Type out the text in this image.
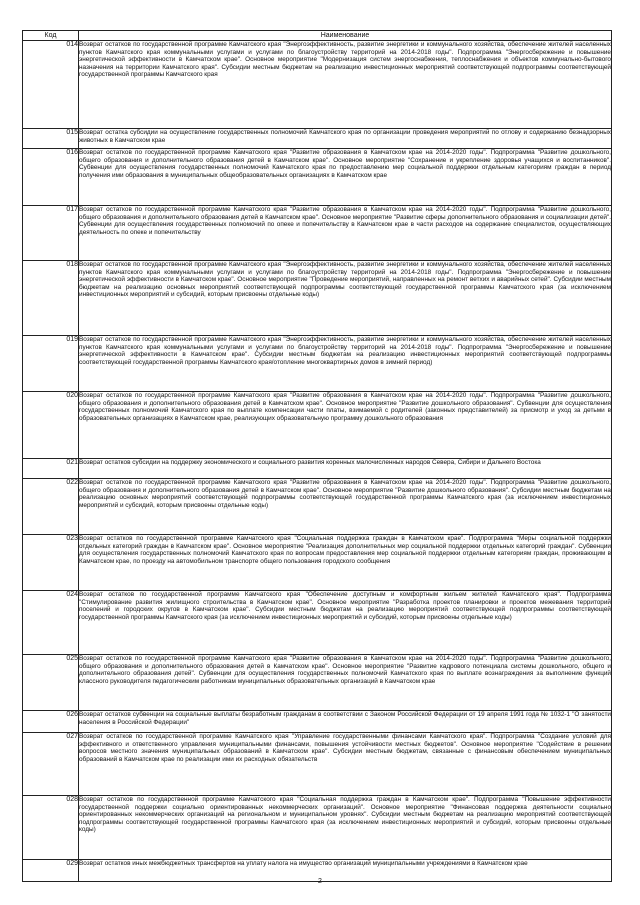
Код	Наименование
014	Возврат остатков по государственной программе Камчатского края "Энергоэффективность, развитие энергетики и коммунального хозяйства, обеспечение жителей населенных пунктов Камчатского края коммунальными услугами и услугами по благоустройству территорий на 2014-2018 годы". Подпрограмма "Энергосбережение и повышение энергетической эффективности в Камчатском крае". Основное мероприятие "Модернизация систем энергоснабжения, теплоснабжения и объектов коммунально-бытового назначения на территории Камчатского края". Субсидии местным бюджетам на реализацию инвестиционных мероприятий соответствующей подпрограммы соответствующей государственной программы Камчатского края
015	Возврат остатка субсидии на осуществление государственных полномочий Камчатского края по организации проведения мероприятий по отлову и содержанию безнадзорных животных в Камчатском крае
016	Возврат остатков по государственной программе Камчатского края "Развитие образования в Камчатском крае на 2014-2020 годы". Подпрограмма "Развитие дошкольного, общего образования и дополнительного образования детей в Камчатском крае". Основное мероприятие "Сохранение и укрепление здоровья учащихся и воспитанников". Субвенции для осуществления государственных полномочий Камчатского края по предоставлению мер социальной поддержки отдельным категориям граждан в период получения ими образования в муниципальных общеобразовательных организациях в Камчатском крае
017	Возврат остатков по государственной программе Камчатского края "Развитие образования в Камчатском крае на 2014-2020 годы". Подпрограмма "Развитие дошкольного, общего образования и дополнительного образования детей в Камчатском крае". Основное мероприятие "Развитие сферы дополнительного образования и социализации детей". Субвенции для осуществления государственных полномочий по опеке и попечительству в Камчатском крае в части расходов на содержание специалистов, осуществляющих деятельность по опеке и попечительству
018	Возврат остатков по государственной программе Камчатского края "Энергоэффективность, развитие энергетики и коммунального хозяйства, обеспечение жителей населенных пунктов Камчатского края коммунальными услугами и услугами по благоустройству территорий на 2014-2018 годы". Подпрограмма "Энергосбережение и повышение энергетической эффективности в Камчатском крае". Основное мероприятие "Проведение мероприятий, направленных на ремонт ветхих и аварийных сетей". Субсидии местным бюджетам на реализацию основных мероприятий соответствующей подпрограммы соответствующей государственной программы Камчатского края (за исключением инвестиционных мероприятий и субсидий, которым присвоены отдельные коды)
019	Возврат остатков по государственной программе Камчатского края "Энергоэффективность, развитие энергетики и коммунального хозяйства, обеспечение жителей населенных пунктов Камчатского края коммунальными услугами и услугами по благоустройству территорий на 2014-2018 годы". Подпрограмма "Энергосбережение и повышение энергетической эффективности в Камчатском крае". Субсидии местным бюджетам на реализацию инвестиционных мероприятий соответствующей подпрограммы соответствующей государственной программы Камчатского края/отопление многоквартирных домов в зимний период)
020	Возврат остатков по государственной программе Камчатского края "Развитие образования в Камчатском крае на 2014-2020 годы". Подпрограмма "Развитие дошкольного, общего образования и дополнительного образования детей в Камчатском крае". Основное мероприятие "Развитие дошкольного образования". Субвенции для осуществления государственных полномочий Камчатского края по выплате компенсации части платы, взимаемой с родителей (законных представителей) за присмотр и уход за детьми в образовательных организациях в Камчатском крае, реализующих образовательную программу дошкольного образования
021	Возврат остатков субсидии на поддержку экономического и социального развития коренных малочисленных народов Севера, Сибири и Дальнего Востока
022	Возврат остатков по государственной программе Камчатского края "Развитие образования в Камчатском крае на 2014-2020 годы". Подпрограмма "Развитие дошкольного, общего образования и дополнительного образования детей в Камчатском крае". Основное мероприятие "Развитие дошкольного образования". Субсидии местным бюджетам на реализацию основных мероприятий соответствующей подпрограммы соответствующей государственной программы Камчатского края (за исключением инвестиционных мероприятий и субсидий, которым присвоены отдельные коды)
023	Возврат остатков по государственной программе Камчатского края "Социальная поддержка граждан в Камчатском крае". Подпрограмма "Меры социальной поддержки отдельных категорий граждан в Камчатском крае". Основное мероприятие "Реализация дополнительных мер социальной поддержки отдельных категорий граждан". Субвенции для осуществления государственных полномочий Камчатского края по вопросам предоставления мер социальной поддержки отдельным категориям граждан, проживающим в Камчатском крае, по проезду на автомобильном транспорте общего пользования городского сообщения
024	Возврат остатков по государственной программе Камчатского края "Обеспечение доступным и комфортным жильем жителей Камчатского края". Подпрограмма "Стимулирование развития жилищного строительства в Камчатском крае". Основное мероприятие "Разработка проектов планировки и проектов межевания территорий поселений и городских округов в Камчатском крае". Субсидии местным бюджетам на реализацию мероприятий соответствующей подпрограммы соответствующей государственной программы Камчатского края (за исключением инвестиционных мероприятий и субсидий, которым присвоены отдельные коды)
025	Возврат остатков по государственной программе Камчатского края "Развитие образования в Камчатском крае на 2014-2020 годы". Подпрограмма "Развитие дошкольного, общего образования и дополнительного образования детей в Камчатском крае". Основное мероприятие "Развитие кадрового потенциала системы дошкольного, общего и дополнительного образования детей". Субвенции для осуществления государственных полномочий Камчатского края по выплате вознаграждения за выполнение функций классного руководителя педагогическим работникам муниципальных образовательных организаций в Камчатском крае
026	Возврат остатков субвенции на социальные выплаты безработным гражданам в соответствии с Законом Российской Федерации от 19 апреля 1991 года № 1032-1 "О занятости населения в Российской Федерации"
027	Возврат остатков по государственной программе Камчатского края "Управление государственными финансами Камчатского края". Подпрограмма "Создание условий для эффективного и ответственного управления муниципальными финансами, повышения устойчивости местных бюджетов". Основное мероприятие "Содействие в решении вопросов местного значения муниципальных образований в Камчатском крае". Субсидии местным бюджетам, связанные с финансовым обеспечением муниципальных образований в Камчатском крае по реализации ими их расходных обязательств
028	Возврат остатков по государственной программе Камчатского края "Социальная поддержка граждан в Камчатском крае". Подпрограмма "Повышение эффективности государственной поддержки социально ориентированных некоммерческих организаций". Основное мероприятие "Финансовая поддержка деятельности социально ориентированных некоммерческих организаций на региональном и муниципальном уровнях". Субсидии местным бюджетам на реализацию мероприятий соответствующей подпрограммы соответствующей государственной программы Камчатского края (за исключением инвестиционных мероприятий и субсидий, которым присвоены отдельные коды)
029	Возврат остатков иных межбюджетных трансфертов на уплату налога на имущество организаций муниципальными учреждениями в Камчатском крае
2
